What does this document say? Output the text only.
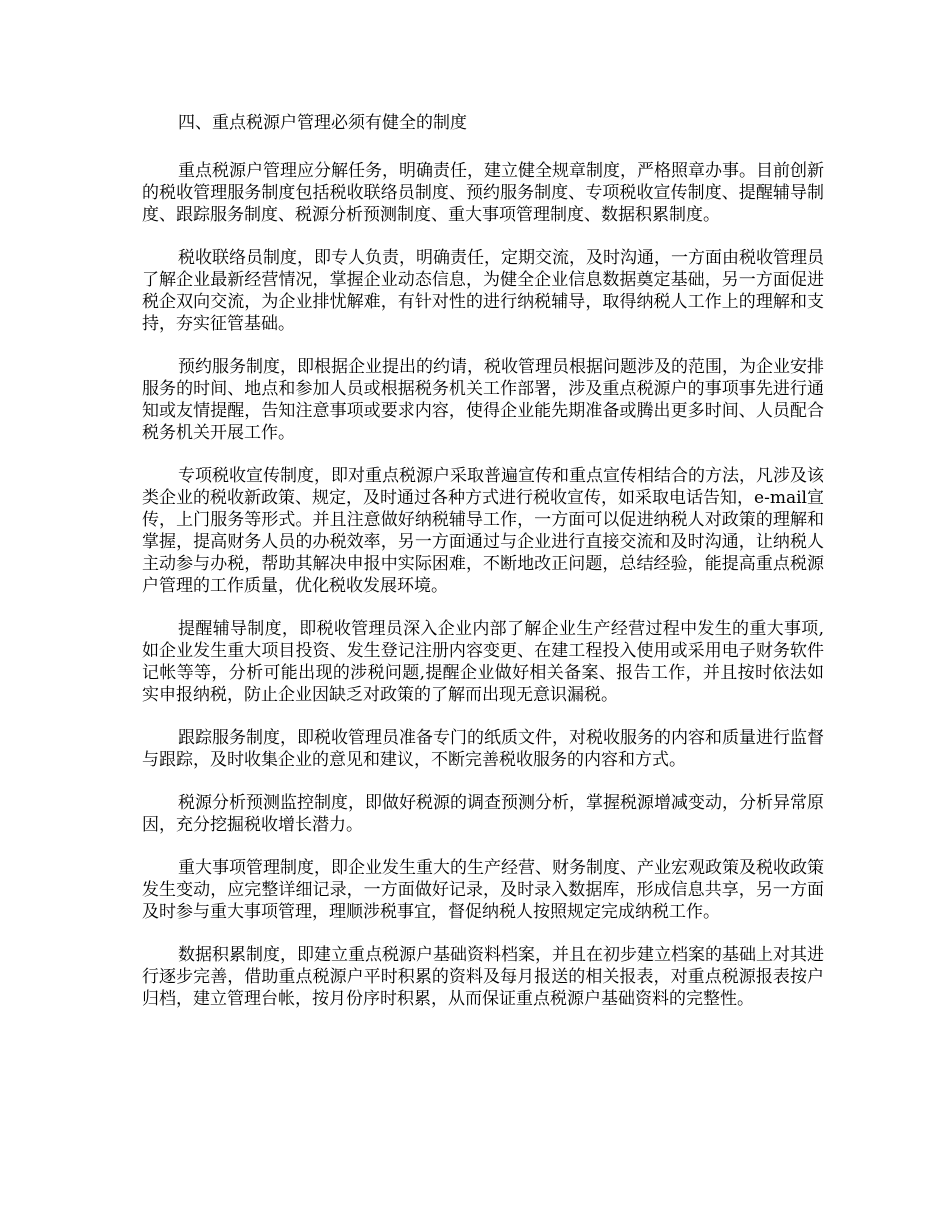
四、重点税源户管理必须有健全的制度

重点税源户管理应分解任务，明确责任，建立健全规章制度，严格照章办事。目前创新的税收管理服务制度包括税收联络员制度、预约服务制度、专项税收宣传制度、提醒辅导制度、跟踪服务制度、税源分析预测制度、重大事项管理制度、数据积累制度。

税收联络员制度，即专人负责，明确责任，定期交流，及时沟通，一方面由税收管理员了解企业最新经营情况，掌握企业动态信息，为健全企业信息数据奠定基础，另一方面促进税企双向交流，为企业排忧解难，有针对性的进行纳税辅导，取得纳税人工作上的理解和支持，夯实征管基础。

预约服务制度，即根据企业提出的约请，税收管理员根据问题涉及的范围，为企业安排服务的时间、地点和参加人员或根据税务机关工作部署，涉及重点税源户的事项事先进行通知或友情提醒，告知注意事项或要求内容，使得企业能先期准备或腾出更多时间、人员配合税务机关开展工作。

专项税收宣传制度，即对重点税源户采取普遍宣传和重点宣传相结合的方法，凡涉及该类企业的税收新政策、规定，及时通过各种方式进行税收宣传，如采取电话告知，e-mail宣传，上门服务等形式。并且注意做好纳税辅导工作，一方面可以促进纳税人对政策的理解和掌握，提高财务人员的办税效率，另一方面通过与企业进行直接交流和及时沟通，让纳税人主动参与办税，帮助其解决申报中实际困难，不断地改正问题，总结经验，能提高重点税源户管理的工作质量，优化税收发展环境。

提醒辅导制度，即税收管理员深入企业内部了解企业生产经营过程中发生的重大事项,如企业发生重大项目投资、发生登记注册内容变更、在建工程投入使用或采用电子财务软件记帐等等，分析可能出现的涉税问题,提醒企业做好相关备案、报告工作，并且按时依法如实申报纳税，防止企业因缺乏对政策的了解而出现无意识漏税。

跟踪服务制度，即税收管理员准备专门的纸质文件，对税收服务的内容和质量进行监督与跟踪，及时收集企业的意见和建议，不断完善税收服务的内容和方式。

税源分析预测监控制度，即做好税源的调查预测分析，掌握税源增减变动，分析异常原因，充分挖掘税收增长潜力。

重大事项管理制度，即企业发生重大的生产经营、财务制度、产业宏观政策及税收政策发生变动，应完整详细记录，一方面做好记录，及时录入数据库，形成信息共享，另一方面及时参与重大事项管理，理顺涉税事宜，督促纳税人按照规定完成纳税工作。

数据积累制度，即建立重点税源户基础资料档案，并且在初步建立档案的基础上对其进行逐步完善，借助重点税源户平时积累的资料及每月报送的相关报表，对重点税源报表按户归档，建立管理台帐，按月份序时积累，从而保证重点税源户基础资料的完整性。
